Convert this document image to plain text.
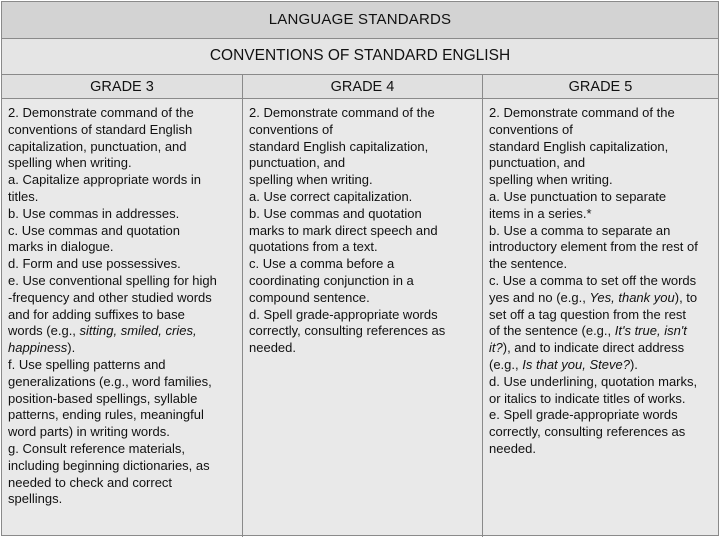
LANGUAGE STANDARDS
CONVENTIONS OF STANDARD ENGLISH
GRADE 3	GRADE 4	GRADE 5
2. Demonstrate command of the
conventions of standard English
capitalization, punctuation, and
spelling when writing.
a. Capitalize appropriate words in
titles.
b. Use commas in addresses.
c. Use commas and quotation
marks in dialogue.
d. Form and use possessives.
e. Use conventional spelling for high
-frequency and other studied words
and for adding suffixes to base
words (e.g., sitting, smiled, cries,
happiness).
f. Use spelling patterns and
generalizations (e.g., word families,
position-based spellings, syllable
patterns, ending rules, meaningful
word parts) in writing words.
g. Consult reference materials,
including beginning dictionaries, as
needed to check and correct
spellings.
2. Demonstrate command of the
conventions of
standard English capitalization,
punctuation, and
spelling when writing.
a. Use correct capitalization.
b. Use commas and quotation
marks to mark direct speech and
quotations from a text.
c. Use a comma before a
coordinating conjunction in a
compound sentence.
d. Spell grade-appropriate words
correctly, consulting references as
needed.
2. Demonstrate command of the
conventions of
standard English capitalization,
punctuation, and
spelling when writing.
a. Use punctuation to separate
items in a series.*
b. Use a comma to separate an
introductory element from the rest of
the sentence.
c. Use a comma to set off the words
yes and no (e.g., Yes, thank you), to
set off a tag question from the rest
of the sentence (e.g., It's true, isn't
it?), and to indicate direct address
(e.g., Is that you, Steve?).
d. Use underlining, quotation marks,
or italics to indicate titles of works.
e. Spell grade-appropriate words
correctly, consulting references as
needed.
